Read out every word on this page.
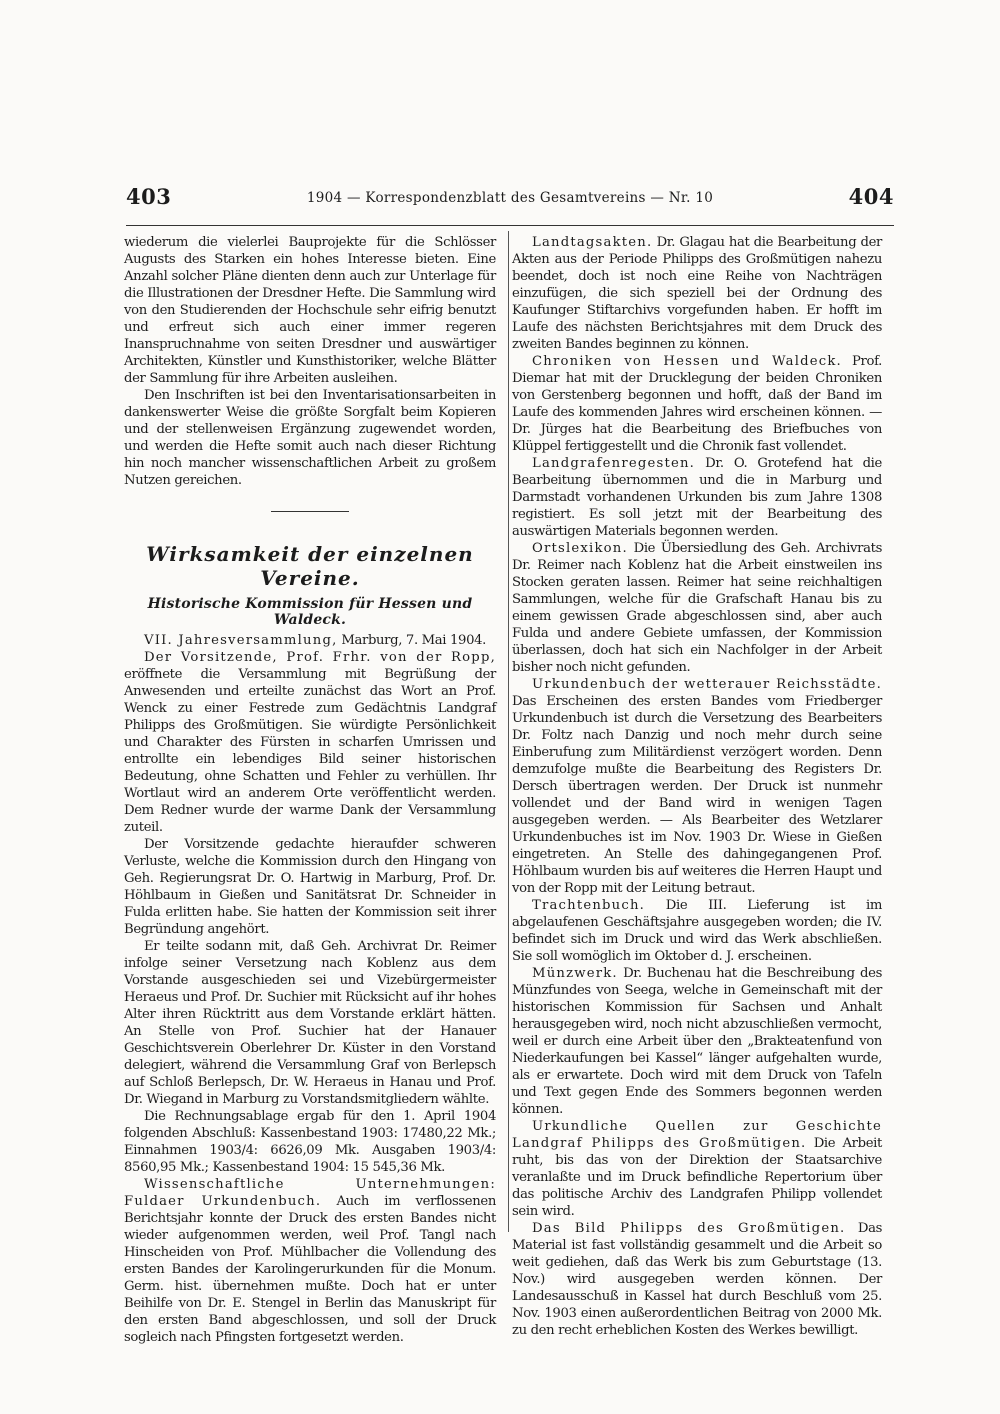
403	1904 — Korrespondenzblatt des Gesamtvereins — Nr. 10	404

wiederum die vielerlei Bauprojekte für die Schlösser Augusts des Starken ein hohes Interesse bieten. Eine Anzahl solcher Pläne dienten denn auch zur Unterlage für die Illustrationen der Dresdner Hefte. Die Sammlung wird von den Studierenden der Hochschule sehr eifrig benutzt und erfreut sich auch einer immer regeren Inanspruchnahme von seiten Dresdner und auswärtiger Architekten, Künstler und Kunsthistoriker, welche Blätter der Sammlung für ihre Arbeiten ausleihen.

Den Inschriften ist bei den Inventarisationsarbeiten in dankenswerter Weise die größte Sorgfalt beim Kopieren und der stellenweisen Ergänzung zugewendet worden, und werden die Hefte somit auch nach dieser Richtung hin noch mancher wissenschaftlichen Arbeit zu großem Nutzen gereichen.

Wirksamkeit der einzelnen Vereine.
Historische Kommission für Hessen und Waldeck.

VII. Jahresversammlung, Marburg, 7. Mai 1904.

Der Vorsitzende, Prof. Frhr. von der Ropp, eröffnete die Versammlung mit Begrüßung der Anwesenden und erteilte zunächst das Wort an Prof. Wenck zu einer Festrede zum Gedächtnis Landgraf Philipps des Großmütigen. Sie würdigte Persönlichkeit und Charakter des Fürsten in scharfen Umrissen und entrollte ein lebendiges Bild seiner historischen Bedeutung, ohne Schatten und Fehler zu verhüllen. Ihr Wortlaut wird an anderem Orte veröffentlicht werden. Dem Redner wurde der warme Dank der Versammlung zuteil.

Der Vorsitzende gedachte hieraufder schweren Verluste, welche die Kommission durch den Hingang von Geh. Regierungsrat Dr. O. Hartwig in Marburg, Prof. Dr. Höhlbaum in Gießen und Sanitätsrat Dr. Schneider in Fulda erlitten habe. Sie hatten der Kommission seit ihrer Begründung angehört.

Er teilte sodann mit, daß Geh. Archivrat Dr. Reimer infolge seiner Versetzung nach Koblenz aus dem Vorstande ausgeschieden sei und Vizebürgermeister Heraeus und Prof. Dr. Suchier mit Rücksicht auf ihr hohes Alter ihren Rücktritt aus dem Vorstande erklärt hätten. An Stelle von Prof. Suchier hat der Hanauer Geschichtsverein Oberlehrer Dr. Küster in den Vorstand delegiert, während die Versammlung Graf von Berlepsch auf Schloß Berlepsch, Dr. W. Heraeus in Hanau und Prof. Dr. Wiegand in Marburg zu Vorstandsmitgliedern wählte.

Die Rechnungsablage ergab für den 1. April 1904 folgenden Abschluß: Kassenbestand 1903: 17480,22 Mk.; Einnahmen 1903/4: 6626,09 Mk. Ausgaben 1903/4: 8560,95 Mk.; Kassenbestand 1904: 15 545,36 Mk.

Wissenschaftliche Unternehmungen: Fuldaer Urkundenbuch. Auch im verflossenen Berichtsjahr konnte der Druck des ersten Bandes nicht wieder aufgenommen werden, weil Prof. Tangl nach Hinscheiden von Prof. Mühlbacher die Vollendung des ersten Bandes der Karolingerurkunden für die Monum. Germ. hist. übernehmen mußte. Doch hat er unter Beihilfe von Dr. E. Stengel in Berlin das Manuskript für den ersten Band abgeschlossen, und soll der Druck sogleich nach Pfingsten fortgesetzt werden.

Landtagsakten. Dr. Glagau hat die Bearbeitung der Akten aus der Periode Philipps des Großmütigen nahezu beendet, doch ist noch eine Reihe von Nachträgen einzufügen, die sich speziell bei der Ordnung des Kaufunger Stiftarchivs vorgefunden haben. Er hofft im Laufe des nächsten Berichtsjahres mit dem Druck des zweiten Bandes beginnen zu können.

Chroniken von Hessen und Waldeck. Prof. Diemar hat mit der Drucklegung der beiden Chroniken von Gerstenberg begonnen und hofft, daß der Band im Laufe des kommenden Jahres wird erscheinen können. — Dr. Jürges hat die Bearbeitung des Briefbuches von Klüppel fertiggestellt und die Chronik fast vollendet.

Landgrafenregesten. Dr. O. Grotefend hat die Bearbeitung übernommen und die in Marburg und Darmstadt vorhandenen Urkunden bis zum Jahre 1308 registiert. Es soll jetzt mit der Bearbeitung des auswärtigen Materials begonnen werden.

Ortslexikon. Die Übersiedlung des Geh. Archivrats Dr. Reimer nach Koblenz hat die Arbeit einstweilen ins Stocken geraten lassen. Reimer hat seine reichhaltigen Sammlungen, welche für die Grafschaft Hanau bis zu einem gewissen Grade abgeschlossen sind, aber auch Fulda und andere Gebiete umfassen, der Kommission überlassen, doch hat sich ein Nachfolger in der Arbeit bisher noch nicht gefunden.

Urkundenbuch der wetterauer Reichsstädte. Das Erscheinen des ersten Bandes vom Friedberger Urkundenbuch ist durch die Versetzung des Bearbeiters Dr. Foltz nach Danzig und noch mehr durch seine Einberufung zum Militärdienst verzögert worden. Denn demzufolge mußte die Bearbeitung des Registers Dr. Dersch übertragen werden. Der Druck ist nunmehr vollendet und der Band wird in wenigen Tagen ausgegeben werden. — Als Bearbeiter des Wetzlarer Urkundenbuches ist im Nov. 1903 Dr. Wiese in Gießen eingetreten. An Stelle des dahingegangenen Prof. Höhlbaum wurden bis auf weiteres die Herren Haupt und von der Ropp mit der Leitung betraut.

Trachtenbuch. Die III. Lieferung ist im abgelaufenen Geschäftsjahre ausgegeben worden; die IV. befindet sich im Druck und wird das Werk abschließen. Sie soll womöglich im Oktober d. J. erscheinen.

Münzwerk. Dr. Buchenau hat die Beschreibung des Münzfundes von Seega, welche in Gemeinschaft mit der historischen Kommission für Sachsen und Anhalt herausgegeben wird, noch nicht abzuschließen vermocht, weil er durch eine Arbeit über den „Brakteatenfund von Niederkaufungen bei Kassel“ länger aufgehalten wurde, als er erwartete. Doch wird mit dem Druck von Tafeln und Text gegen Ende des Sommers begonnen werden können.

Urkundliche Quellen zur Geschichte Landgraf Philipps des Großmütigen. Die Arbeit ruht, bis das von der Direktion der Staatsarchive veranlaßte und im Druck befindliche Repertorium über das politische Archiv des Landgrafen Philipp vollendet sein wird.

Das Bild Philipps des Großmütigen. Das Material ist fast vollständig gesammelt und die Arbeit so weit gediehen, daß das Werk bis zum Geburtstage (13. Nov.) wird ausgegeben werden können. Der Landesausschuß in Kassel hat durch Beschluß vom 25. Nov. 1903 einen außerordentlichen Beitrag von 2000 Mk. zu den recht erheblichen Kosten des Werkes bewilligt.
